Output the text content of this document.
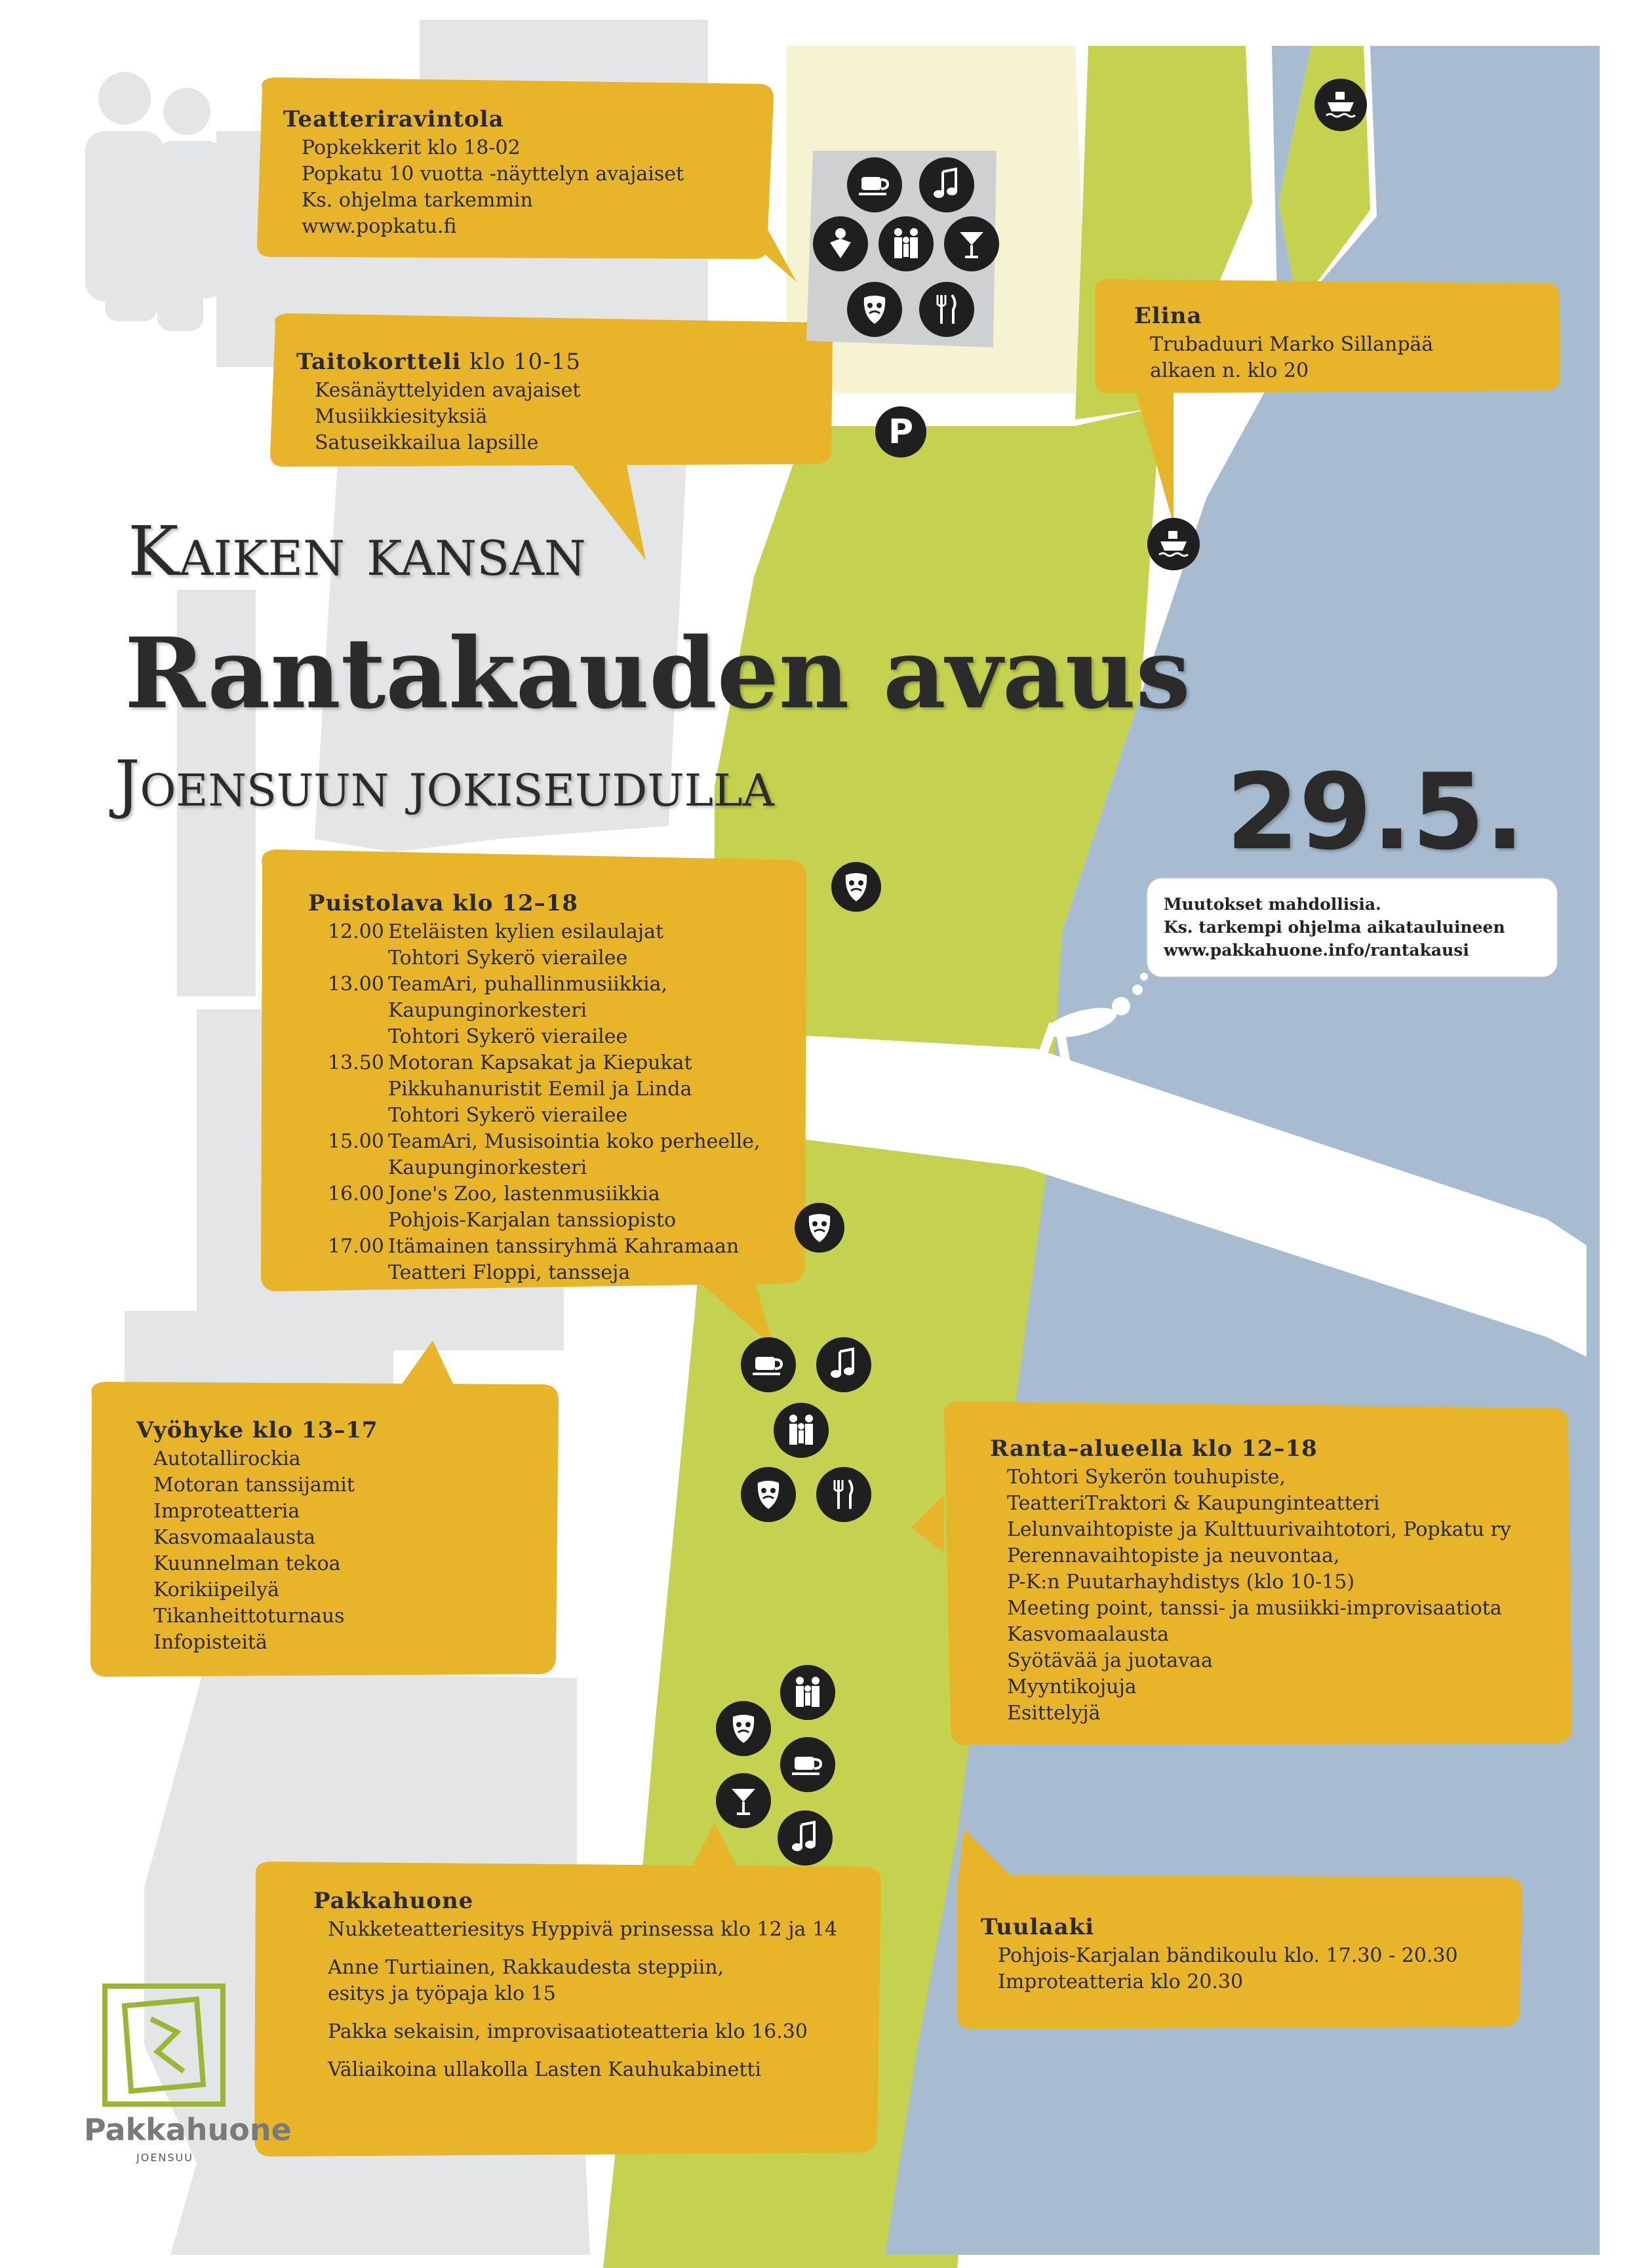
Kaiken kansan
Rantakauden avaus
Joensuun jokiseudulla	29.5.
Muutokset mahdollisia.
Ks. tarkempi ohjelma aikatauluineen
www.pakkahuone.info/rantakausi
Teatteriravintola
Popkekkerit klo 18-02
Popkatu 10 vuotta -näyttelyn avajaiset
Ks. ohjelma tarkemmin
www.popkatu.fi
Taitokortteli klo 10-15
Kesänäyttelyiden avajaiset
Musiikkiesityksiä
Satuseikkailua lapsille
Elina
Trubaduuri Marko Sillanpää
alkaen n. klo 20
Puistolava klo 12–18
12.00 Eteläisten kylien esilaulajat
Tohtori Sykerö vierailee
13.00 TeamAri, puhallinmusiikkia,
Kaupunginorkesteri
Tohtori Sykerö vierailee
13.50 Motoran Kapsakat ja Kiepukat
Pikkuhanuristit Eemil ja Linda
Tohtori Sykerö vierailee
15.00 TeamAri, Musisointia koko perheelle,
Kaupunginorkesteri
16.00 Jone's Zoo, lastenmusiikkia
Pohjois-Karjalan tanssiopisto
17.00 Itämainen tanssiryhmä Kahramaan
Teatteri Floppi, tansseja
Vyöhyke klo 13–17
Autotallirockia
Motoran tanssijamit
Improteatteria
Kasvomaalausta
Kuunnelman tekoa
Korikiipeilyä
Tikanheittoturnaus
Infopisteitä
Ranta–alueella klo 12–18
Tohtori Sykerön touhupiste,
TeatteriTraktori & Kaupunginteatteri
Lelunvaihtopiste ja Kulttuurivaihtotori, Popkatu ry
Perennavaihtopiste ja neuvontaa,
P-K:n Puutarhayhdistys (klo 10-15)
Meeting point, tanssi- ja musiikki-improvisaatiota
Kasvomaalausta
Syötävää ja juotavaa
Myyntikojuja
Esittelyjä
Pakkahuone
Nukketeatteriesitys Hyppivä prinsessa klo 12 ja 14
Anne Turtiainen, Rakkaudesta steppiin,
esitys ja työpaja klo 15
Pakka sekaisin, improvisaatioteatteria klo 16.30
Väliaikoina ullakolla Lasten Kauhukabinetti
Tuulaaki
Pohjois-Karjalan bändikoulu klo. 17.30 - 20.30
Improteatteria klo 20.30
Pakkahuone
JOENSUU
P
